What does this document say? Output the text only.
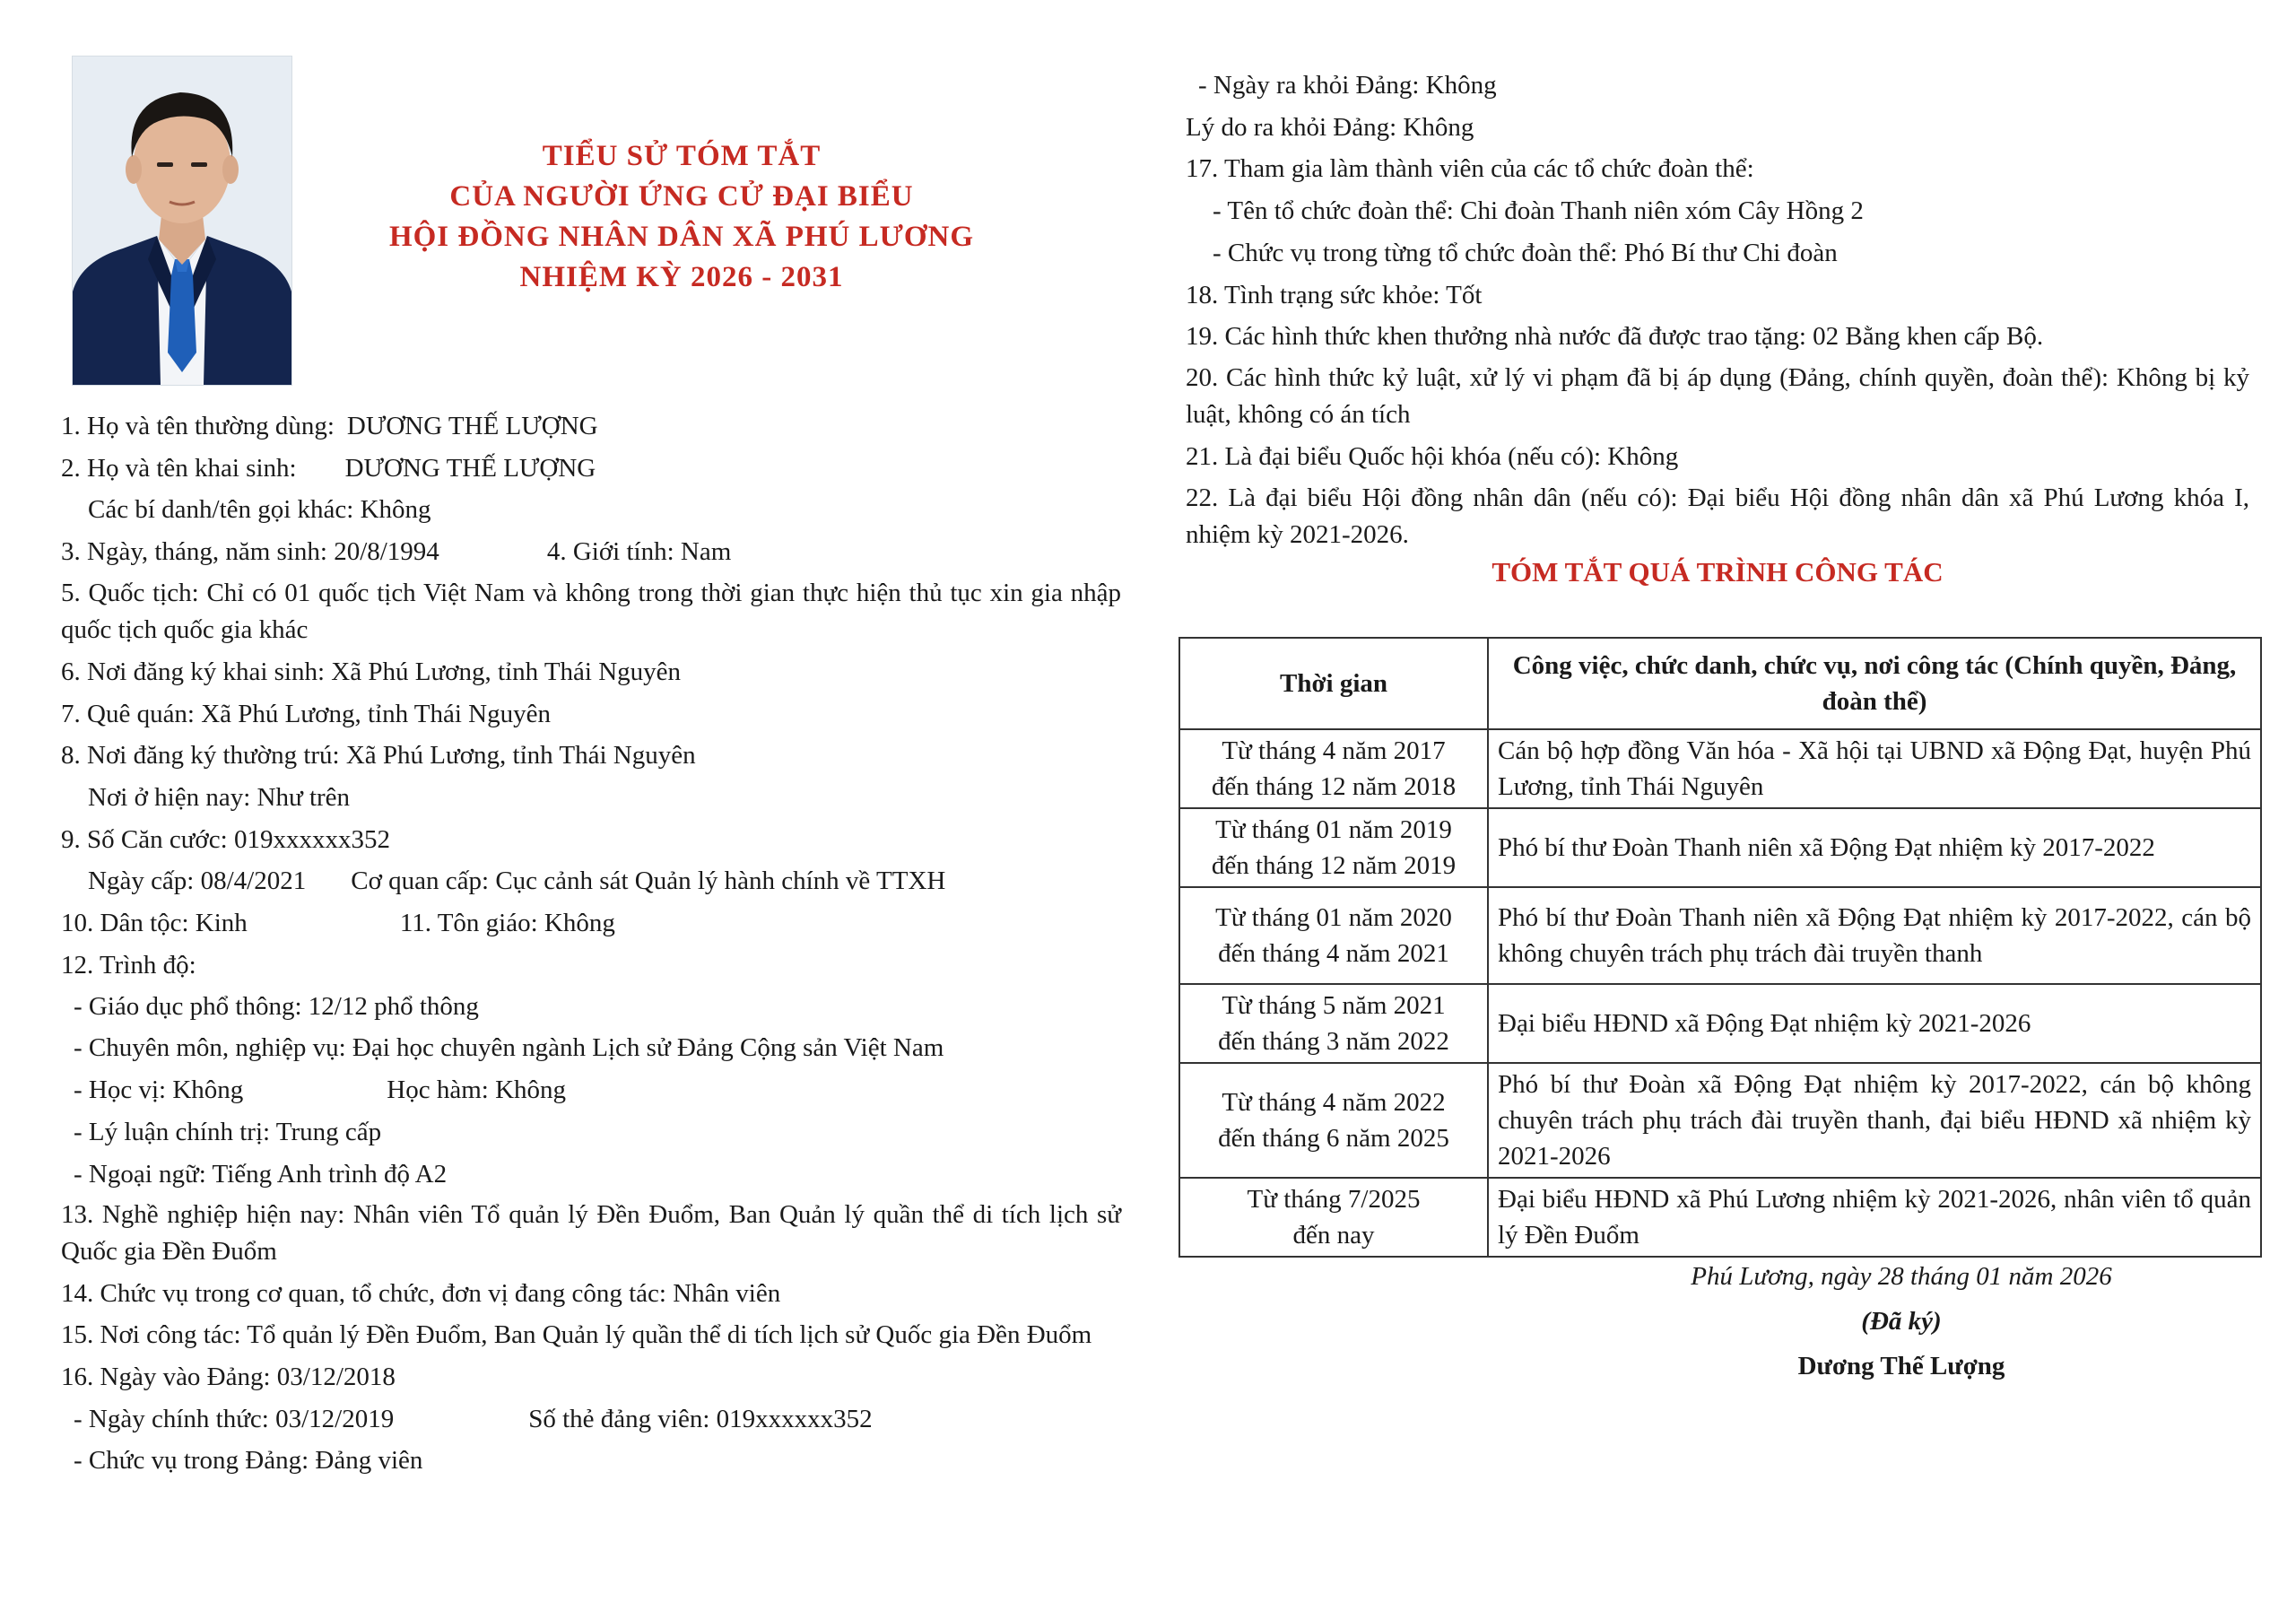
TIỂU SỬ TÓM TẮT
CỦA NGƯỜI ỨNG CỬ ĐẠI BIỂU
HỘI ĐỒNG NHÂN DÂN XÃ PHÚ LƯƠNG
NHIỆM KỲ 2026 - 2031
1. Họ và tên thường dùng: DƯƠNG THẾ LƯỢNG
2. Họ và tên khai sinh: DƯƠNG THẾ LƯỢNG
Các bí danh/tên gọi khác: Không
3. Ngày, tháng, năm sinh: 20/8/1994	4. Giới tính: Nam
5. Quốc tịch: Chỉ có 01 quốc tịch Việt Nam và không trong thời gian thực hiện thủ tục xin gia nhập quốc tịch quốc gia khác
6. Nơi đăng ký khai sinh: Xã Phú Lương, tỉnh Thái Nguyên
7. Quê quán: Xã Phú Lương, tỉnh Thái Nguyên
8. Nơi đăng ký thường trú: Xã Phú Lương, tỉnh Thái Nguyên
Nơi ở hiện nay: Như trên
9. Số Căn cước: 019xxxxxx352
Ngày cấp: 08/4/2021 Cơ quan cấp: Cục cảnh sát Quản lý hành chính về TTXH
10. Dân tộc: Kinh	11. Tôn giáo: Không
12. Trình độ:
- Giáo dục phổ thông: 12/12 phổ thông
- Chuyên môn, nghiệp vụ: Đại học chuyên ngành Lịch sử Đảng Cộng sản Việt Nam
- Học vị: Không	Học hàm: Không
- Lý luận chính trị: Trung cấp
- Ngoại ngữ: Tiếng Anh trình độ A2
13. Nghề nghiệp hiện nay: Nhân viên Tổ quản lý Đền Đuổm, Ban Quản lý quần thể di tích lịch sử Quốc gia Đền Đuổm
14. Chức vụ trong cơ quan, tổ chức, đơn vị đang công tác: Nhân viên
15. Nơi công tác: Tổ quản lý Đền Đuổm, Ban Quản lý quần thể di tích lịch sử Quốc gia Đền Đuổm
16. Ngày vào Đảng: 03/12/2018
- Ngày chính thức: 03/12/2019	Số thẻ đảng viên: 019xxxxxx352
- Chức vụ trong Đảng: Đảng viên
- Ngày ra khỏi Đảng: Không
Lý do ra khỏi Đảng: Không
17. Tham gia làm thành viên của các tổ chức đoàn thể:
- Tên tổ chức đoàn thể: Chi đoàn Thanh niên xóm Cây Hồng 2
- Chức vụ trong từng tổ chức đoàn thể: Phó Bí thư Chi đoàn
18. Tình trạng sức khỏe: Tốt
19. Các hình thức khen thưởng nhà nước đã được trao tặng: 02 Bằng khen cấp Bộ.
20. Các hình thức kỷ luật, xử lý vi phạm đã bị áp dụng (Đảng, chính quyền, đoàn thể): Không bị kỷ luật, không có án tích
21. Là đại biểu Quốc hội khóa (nếu có): Không
22. Là đại biểu Hội đồng nhân dân (nếu có): Đại biểu Hội đồng nhân dân xã Phú Lương khóa I, nhiệm kỳ 2021-2026.
TÓM TẮT QUÁ TRÌNH CÔNG TÁC
Thời gian	Công việc, chức danh, chức vụ, nơi công tác (Chính quyền, Đảng, đoàn thể)

Từ tháng 4 năm 2017
đến tháng 12 năm 2018	Cán bộ hợp đồng Văn hóa - Xã hội tại UBND xã Động Đạt, huyện Phú Lương, tỉnh Thái Nguyên

Từ tháng 01 năm 2019
đến tháng 12 năm 2019	Phó bí thư Đoàn Thanh niên xã Động Đạt nhiệm kỳ 2017-2022

Từ tháng 01 năm 2020
đến tháng 4 năm 2021	Phó bí thư Đoàn Thanh niên xã Động Đạt nhiệm kỳ 2017-2022, cán bộ không chuyên trách phụ trách đài truyền thanh

Từ tháng 5 năm 2021
đến tháng 3 năm 2022	Đại biểu HĐND xã Động Đạt nhiệm kỳ 2021-2026

Từ tháng 4 năm 2022
đến tháng 6 năm 2025	Phó bí thư Đoàn xã Động Đạt nhiệm kỳ 2017-2022, cán bộ không chuyên trách phụ trách đài truyền thanh, đại biểu HĐND xã nhiệm kỳ 2021-2026

Từ tháng 7/2025
đến nay	Đại biểu HĐND xã Phú Lương nhiệm kỳ 2021-2026, nhân viên tổ quản lý Đền Đuổm
Phú Lương, ngày 28 tháng 01 năm 2026
(Đã ký)
Dương Thế Lượng
